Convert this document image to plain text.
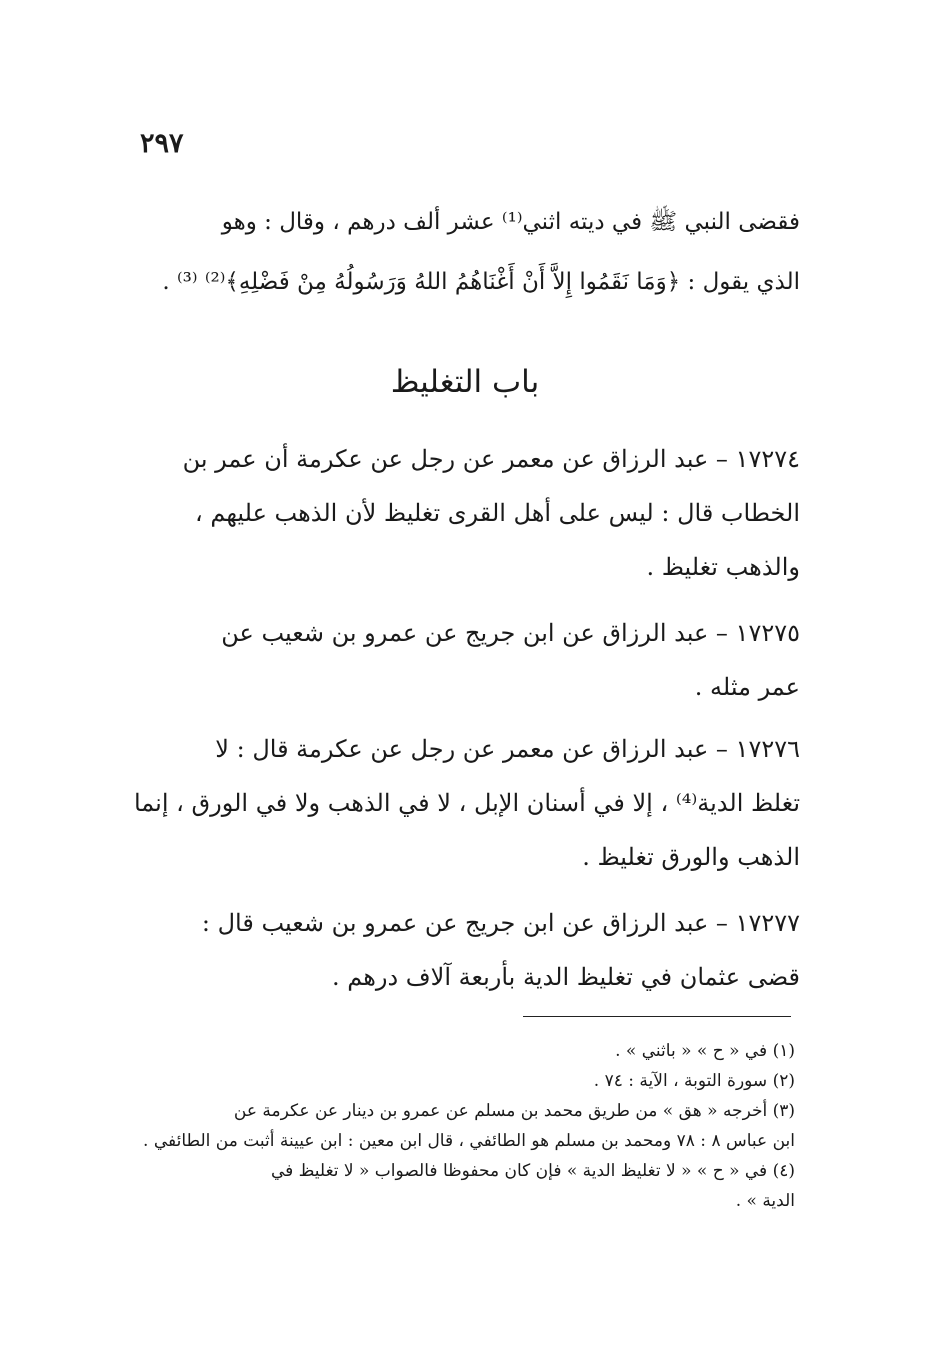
٢٩٧
فقضى النبي ﷺ في ديته اثني⁽¹⁾ عشر ألف درهم ، وقال : وهو
الذي يقول : ﴿وَمَا نَقَمُوا إِلاَّ أَنْ أَغْنَاهُمُ اللهُ وَرَسُولُهُ مِنْ فَضْلِهِ﴾⁽²⁾ ⁽³⁾ .
باب التغليظ
١٧٢٧٤ – عبد الرزاق عن معمر عن رجل عن عكرمة أن عمر بن
الخطاب قال : ليس على أهل القرى تغليظ لأن الذهب عليهم ،
والذهب تغليظ .
١٧٢٧٥ – عبد الرزاق عن ابن جريج عن عمرو بن شعيب عن
عمر مثله .
١٧٢٧٦ – عبد الرزاق عن معمر عن رجل عن عكرمة قال : لا
تغلظ الدية⁽⁴⁾ ، إلا في أسنان الإبل ، لا في الذهب ولا في الورق ، إنما
الذهب والورق تغليظ .
١٧٢٧٧ – عبد الرزاق عن ابن جريج عن عمرو بن شعيب قال :
قضى عثمان في تغليظ الدية بأربعة آلاف درهم .
(١) في « ح » « باثني » .
(٢) سورة التوبة ، الآية : ٧٤ .
(٣) أخرجه « هق » من طريق محمد بن مسلم عن عمرو بن دينار عن عكرمة عن
ابن عباس ٨ : ٧٨ ومحمد بن مسلم هو الطائفي ، قال ابن معين : ابن عيينة أثبت من الطائفي .
(٤) في « ح » « لا تغليظ الدية » فإن كان محفوظا فالصواب « لا تغليظ في
الدية » .
